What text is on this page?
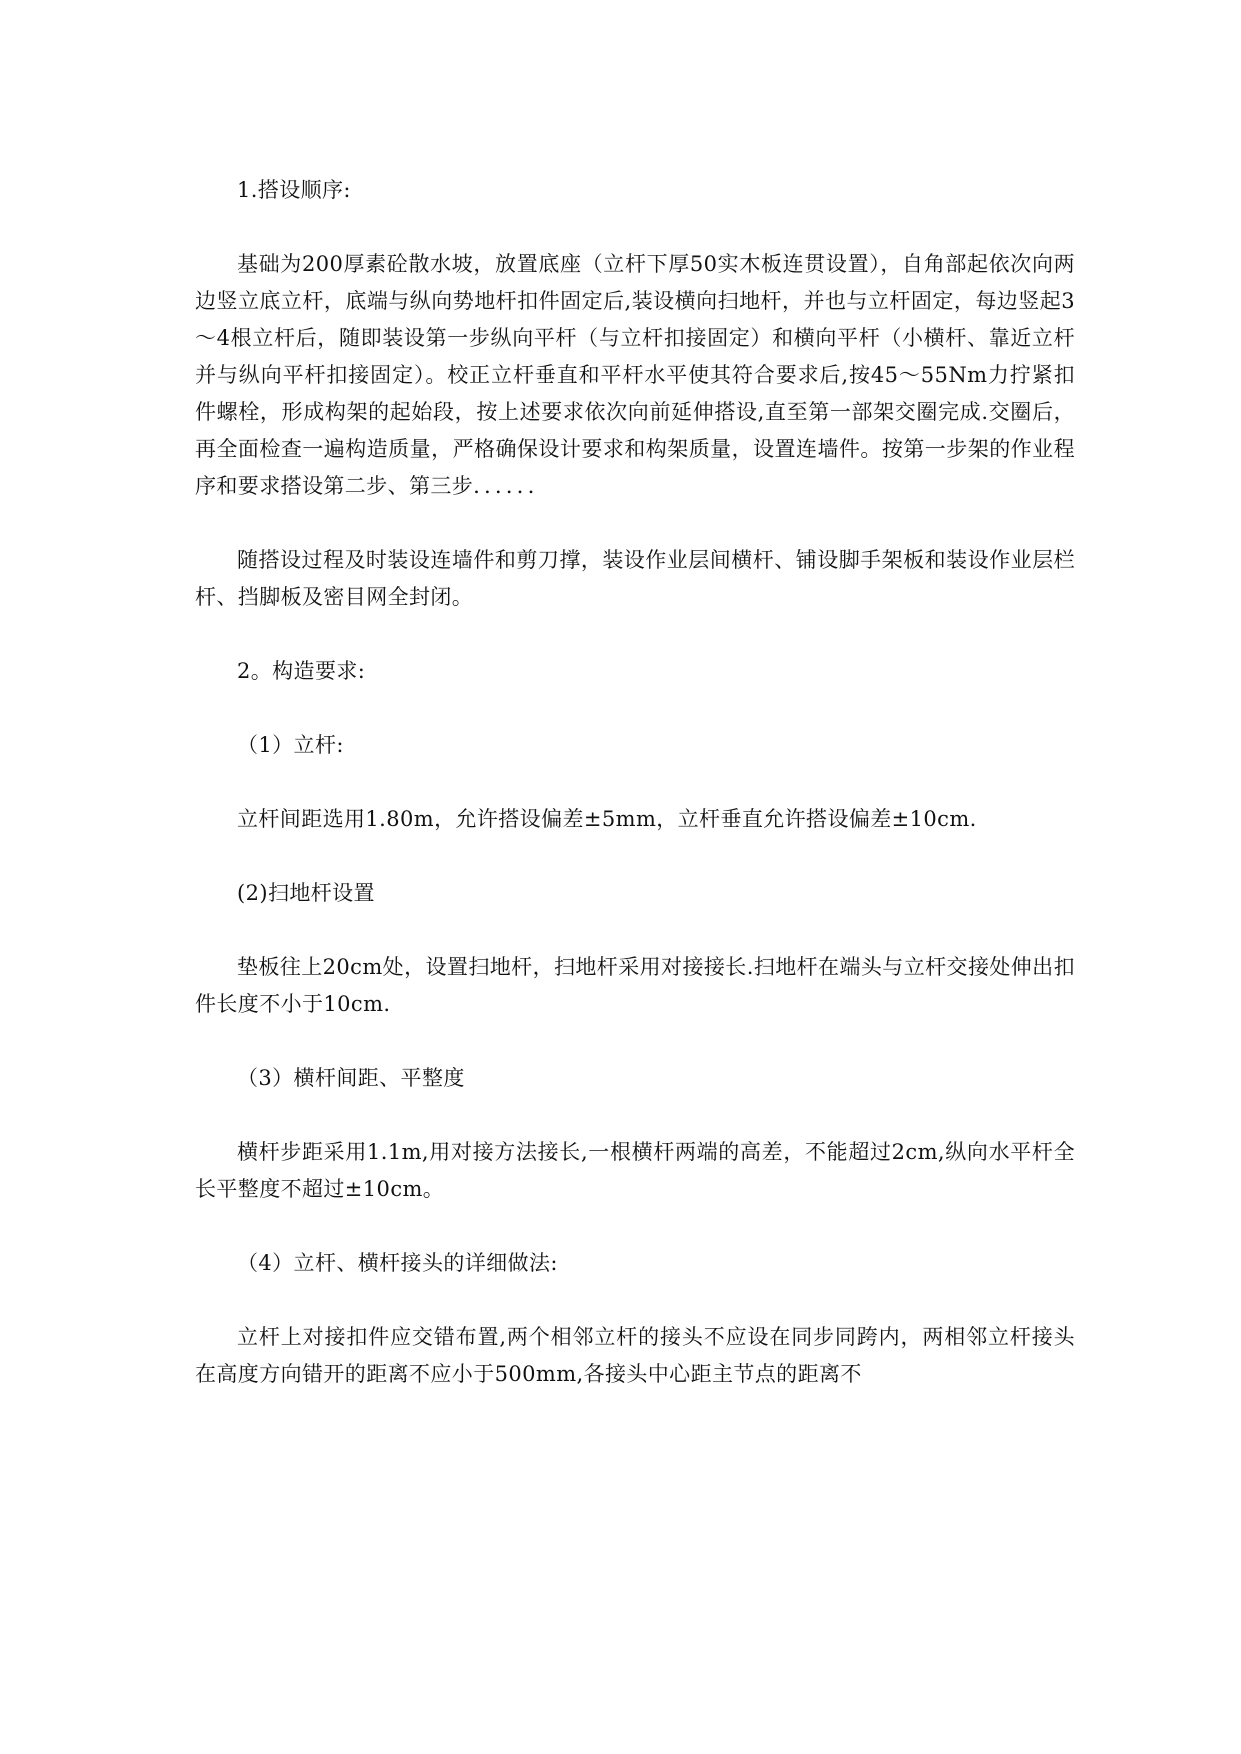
1.搭设顺序:

基础为200厚素砼散水坡，放置底座（立杆下厚50实木板连贯设置），自角部起依次向两边竖立底立杆，底端与纵向势地杆扣件固定后,装设横向扫地杆，并也与立杆固定，每边竖起3～4根立杆后，随即装设第一步纵向平杆（与立杆扣接固定）和横向平杆（小横杆、靠近立杆并与纵向平杆扣接固定）。校正立杆垂直和平杆水平使其符合要求后,按45～55Nm力拧紧扣件螺栓，形成构架的起始段，按上述要求依次向前延伸搭设,直至第一部架交圈完成.交圈后，再全面检查一遍构造质量，严格确保设计要求和构架质量，设置连墙件。按第一步架的作业程序和要求搭设第二步、第三步．．．．．．

随搭设过程及时装设连墙件和剪刀撑，装设作业层间横杆、铺设脚手架板和装设作业层栏杆、挡脚板及密目网全封闭。

2。构造要求:

（1）立杆:

立杆间距选用1.80m，允许搭设偏差±5mm，立杆垂直允许搭设偏差±10cm.

(2)扫地杆设置

垫板往上20cm处，设置扫地杆，扫地杆采用对接接长.扫地杆在端头与立杆交接处伸出扣件长度不小于10cm.

（3）横杆间距、平整度

横杆步距采用1.1m,用对接方法接长,一根横杆两端的高差，不能超过2cm,纵向水平杆全长平整度不超过±10cm。

（4）立杆、横杆接头的详细做法:

立杆上对接扣件应交错布置,两个相邻立杆的接头不应设在同步同跨内，两相邻立杆接头在高度方向错开的距离不应小于500mm,各接头中心距主节点的距离不
